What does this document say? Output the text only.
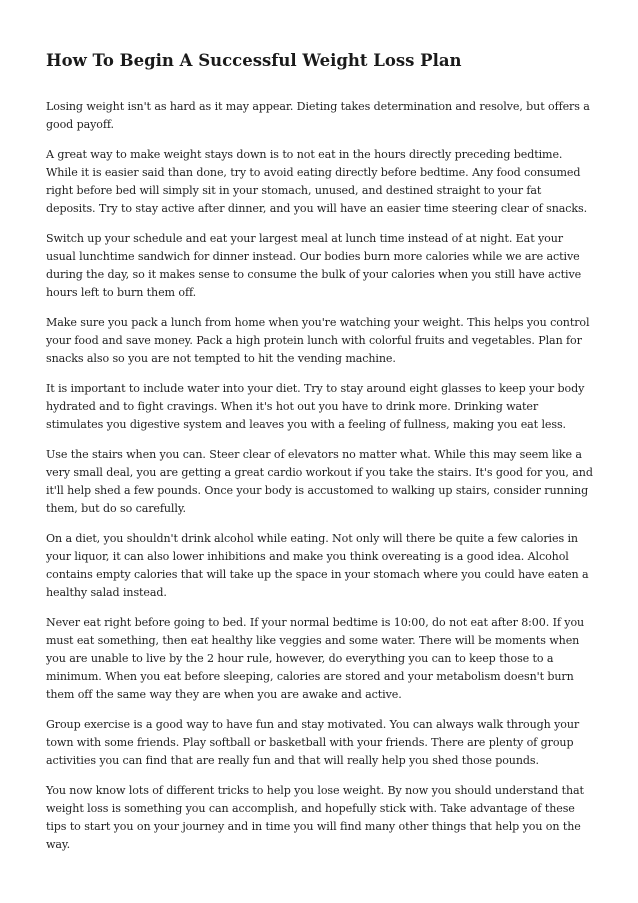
How To Begin A Successful Weight Loss Plan

Losing weight isn't as hard as it may appear. Dieting takes determination and resolve, but offers a good payoff.

A great way to make weight stays down is to not eat in the hours directly preceding bedtime. While it is easier said than done, try to avoid eating directly before bedtime. Any food consumed right before bed will simply sit in your stomach, unused, and destined straight to your fat deposits. Try to stay active after dinner, and you will have an easier time steering clear of snacks.

Switch up your schedule and eat your largest meal at lunch time instead of at night. Eat your usual lunchtime sandwich for dinner instead. Our bodies burn more calories while we are active during the day, so it makes sense to consume the bulk of your calories when you still have active hours left to burn them off.

Make sure you pack a lunch from home when you're watching your weight. This helps you control your food and save money. Pack a high protein lunch with colorful fruits and vegetables. Plan for snacks also so you are not tempted to hit the vending machine.

It is important to include water into your diet. Try to stay around eight glasses to keep your body hydrated and to fight cravings. When it's hot out you have to drink more. Drinking water stimulates you digestive system and leaves you with a feeling of fullness, making you eat less.

Use the stairs when you can. Steer clear of elevators no matter what. While this may seem like a very small deal, you are getting a great cardio workout if you take the stairs. It's good for you, and it'll help shed a few pounds. Once your body is accustomed to walking up stairs, consider running them, but do so carefully.

On a diet, you shouldn't drink alcohol while eating. Not only will there be quite a few calories in your liquor, it can also lower inhibitions and make you think overeating is a good idea. Alcohol contains empty calories that will take up the space in your stomach where you could have eaten a healthy salad instead.

Never eat right before going to bed. If your normal bedtime is 10:00, do not eat after 8:00. If you must eat something, then eat healthy like veggies and some water. There will be moments when you are unable to live by the 2 hour rule, however, do everything you can to keep those to a minimum. When you eat before sleeping, calories are stored and your metabolism doesn't burn them off the same way they are when you are awake and active.

Group exercise is a good way to have fun and stay motivated. You can always walk through your town with some friends. Play softball or basketball with your friends. There are plenty of group activities you can find that are really fun and that will really help you shed those pounds.

You now know lots of different tricks to help you lose weight. By now you should understand that weight loss is something you can accomplish, and hopefully stick with. Take advantage of these tips to start you on your journey and in time you will find many other things that help you on the way.
